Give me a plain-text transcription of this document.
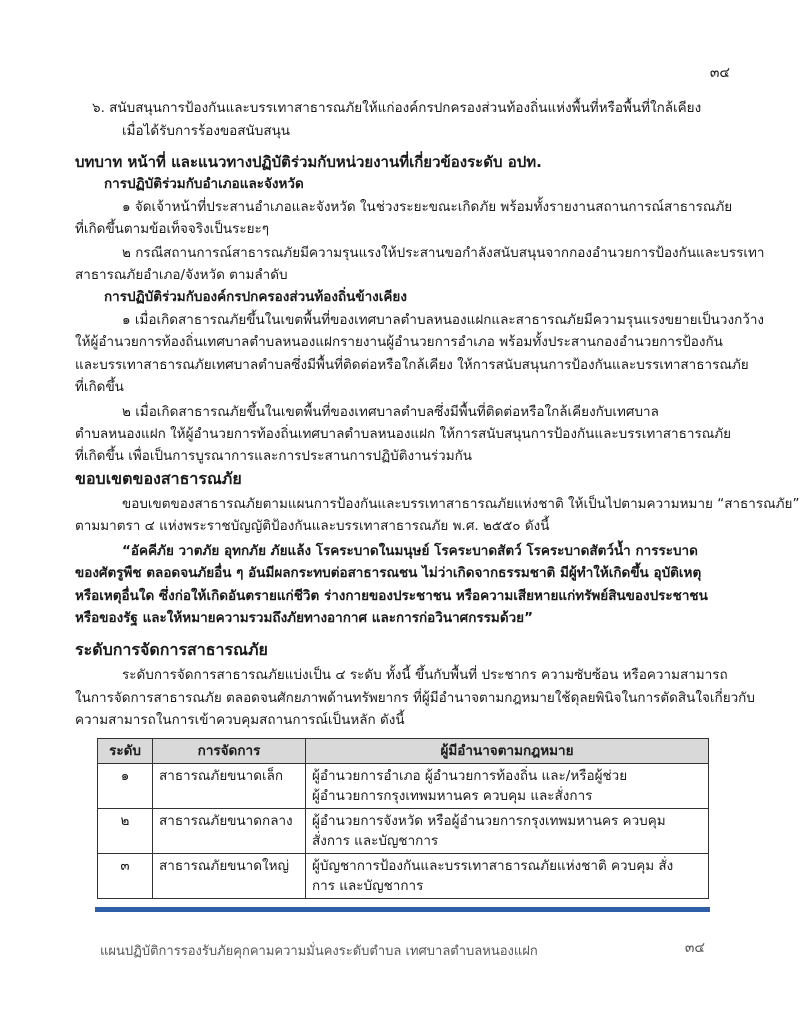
๓๔
๖. สนับสนุนการป้องกันและบรรเทาสาธารณภัยให้แก่องค์กรปกครองส่วนท้องถิ่นแห่งพื้นที่หรือพื้นที่ใกล้เคียง
เมื่อได้รับการร้องขอสนับสนุน
บทบาท หน้าที่ และแนวทางปฏิบัติร่วมกับหน่วยงานที่เกี่ยวข้องระดับ อปท.
การปฏิบัติร่วมกับอำเภอและจังหวัด
๑ จัดเจ้าหน้าที่ประสานอำเภอและจังหวัด ในช่วงระยะขณะเกิดภัย พร้อมทั้งรายงานสถานการณ์สาธารณภัย
ที่เกิดขึ้นตามข้อเท็จจริงเป็นระยะๆ
๒ กรณีสถานการณ์สาธารณภัยมีความรุนแรงให้ประสานขอกำลังสนับสนุนจากกองอำนวยการป้องกันและบรรเทา
สาธารณภัยอำเภอ/จังหวัด ตามลำดับ
การปฏิบัติร่วมกับองค์กรปกครองส่วนท้องถิ่นข้างเคียง
๑ เมื่อเกิดสาธารณภัยขึ้นในเขตพื้นที่ของเทศบาลตำบลหนองแฝกและสาธารณภัยมีความรุนแรงขยายเป็นวงกว้าง
ให้ผู้อำนวยการท้องถิ่นเทศบาลตำบลหนองแฝกรายงานผู้อำนวยการอำเภอ พร้อมทั้งประสานกองอำนวยการป้องกัน
และบรรเทาสาธารณภัยเทศบาลตำบลซึ่งมีพื้นที่ติดต่อหรือใกล้เคียง ให้การสนับสนุนการป้องกันและบรรเทาสาธารณภัย
ที่เกิดขึ้น
๒ เมื่อเกิดสาธารณภัยขึ้นในเขตพื้นที่ของเทศบาลตำบลซึ่งมีพื้นที่ติดต่อหรือใกล้เคียงกับเทศบาล
ตำบลหนองแฝก ให้ผู้อำนวยการท้องถิ่นเทศบาลตำบลหนองแฝก ให้การสนับสนุนการป้องกันและบรรเทาสาธารณภัย
ที่เกิดขึ้น เพื่อเป็นการบูรณาการและการประสานการปฏิบัติงานร่วมกัน
ขอบเขตของสาธารณภัย
ขอบเขตของสาธารณภัยตามแผนการป้องกันและบรรเทาสาธารณภัยแห่งชาติ ให้เป็นไปตามความหมาย “สาธารณภัย”
ตามมาตรา ๔ แห่งพระราชบัญญัติป้องกันและบรรเทาสาธารณภัย พ.ศ. ๒๕๕๐ ดังนี้
“อัคคีภัย วาตภัย อุทกภัย ภัยแล้ง โรคระบาดในมนุษย์ โรคระบาดสัตว์ โรคระบาดสัตว์น้ำ การระบาด
ของศัตรูพืช ตลอดจนภัยอื่น ๆ อันมีผลกระทบต่อสาธารณชน ไม่ว่าเกิดจากธรรมชาติ มีผู้ทำให้เกิดขึ้น อุบัติเหตุ
หรือเหตุอื่นใด ซึ่งก่อให้เกิดอันตรายแก่ชีวิต ร่างกายของประชาชน หรือความเสียหายแก่ทรัพย์สินของประชาชน
หรือของรัฐ และให้หมายความรวมถึงภัยทางอากาศ และการก่อวินาศกรรมด้วย”
ระดับการจัดการสาธารณภัย
ระดับการจัดการสาธารณภัยแบ่งเป็น ๔ ระดับ ทั้งนี้ ขึ้นกับพื้นที่ ประชากร ความซับซ้อน หรือความสามารถ
ในการจัดการสาธารณภัย ตลอดจนศักยภาพด้านทรัพยากร ที่ผู้มีอำนาจตามกฎหมายใช้ดุลยพินิจในการตัดสินใจเกี่ยวกับ
ความสามารถในการเข้าควบคุมสถานการณ์เป็นหลัก ดังนี้
ระดับ	การจัดการ	ผู้มีอำนาจตามกฎหมาย
๑	สาธารณภัยขนาดเล็ก	ผู้อำนวยการอำเภอ ผู้อำนวยการท้องถิ่น และ/หรือผู้ช่วย
ผู้อำนวยการกรุงเทพมหานคร ควบคุม และสั่งการ

๒	สาธารณภัยขนาดกลาง	ผู้อำนวยการจังหวัด หรือผู้อำนวยการกรุงเทพมหานคร ควบคุม
สั่งการ และบัญชาการ

๓	สาธารณภัยขนาดใหญ่	ผู้บัญชาการป้องกันและบรรเทาสาธารณภัยแห่งชาติ ควบคุม สั่ง
การ และบัญชาการ
แผนปฏิบัติการรองรับภัยคุกคามความมั่นคงระดับตำบล เทศบาลตำบลหนองแฝก	๓๔
